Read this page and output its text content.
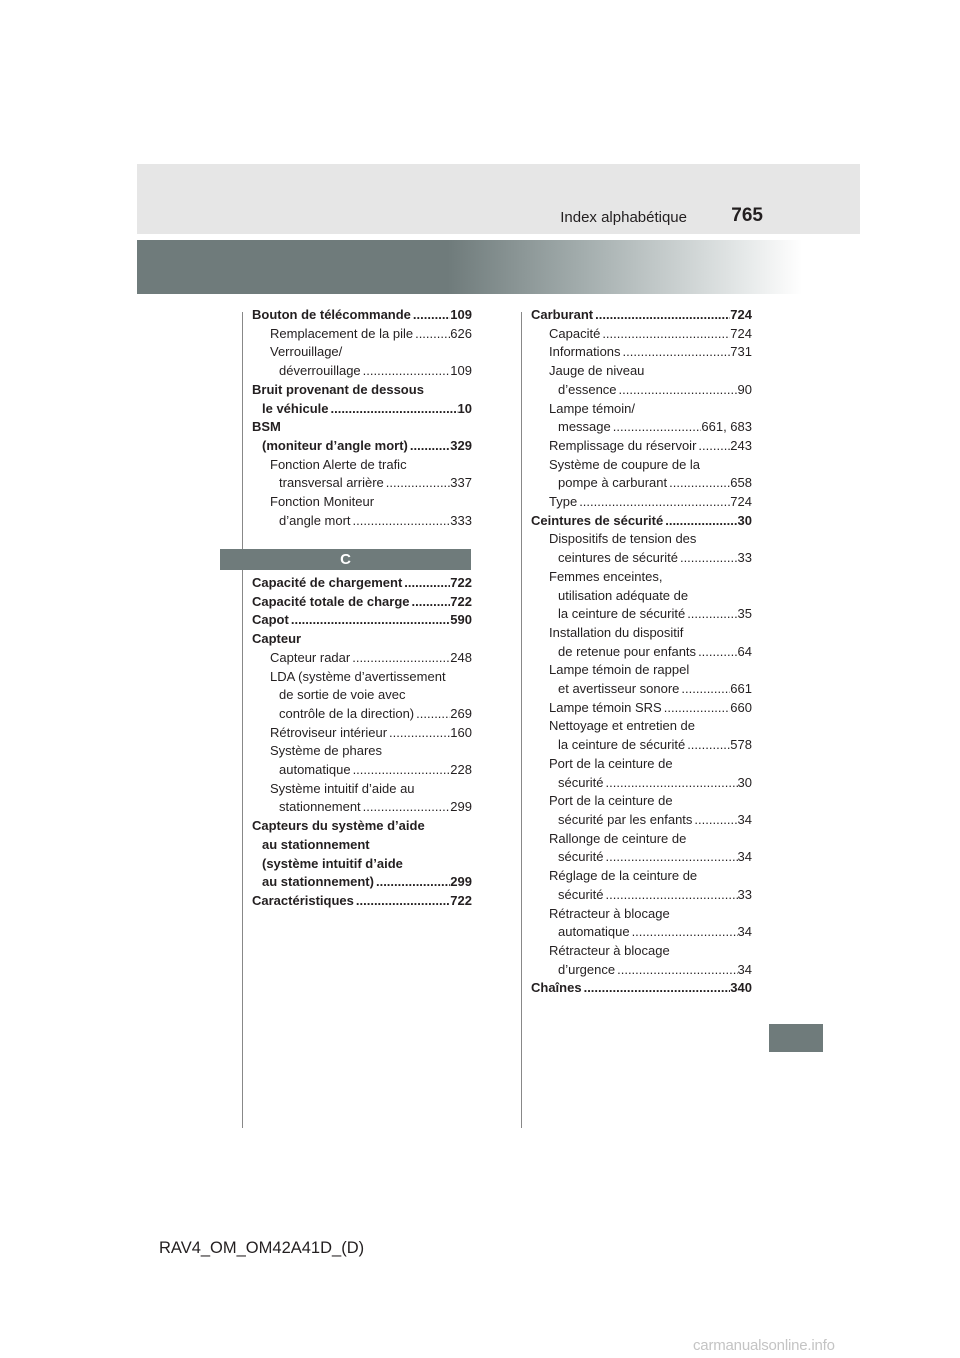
765
Index alphabétique
Bouton de télécommande .....	109
Remplacement de la pile .....	626
Verrouillage/
déverrouillage .....	109
Bruit provenant de dessous
le véhicule .....	10
BSM
(moniteur d’angle mort) .....	329
Fonction Alerte de trafic
transversal arrière .....	337
Fonction Moniteur
d’angle mort .....	333
C
Capacité de chargement .....	722
Capacité totale de charge .....	722
Capot .....	590
Capteur
Capteur radar .....	248
LDA (système d’avertissement
de sortie de voie avec
contrôle de la direction) .....	269
Rétroviseur intérieur .....	160
Système de phares
automatique .....	228
Système intuitif d’aide au
stationnement .....	299
Capteurs du système d’aide
au stationnement
(système intuitif d’aide
au stationnement) .....	299
Caractéristiques .....	722
Carburant .....	724
Capacité .....	724
Informations .....	731
Jauge de niveau
d’essence .....	90
Lampe témoin/
message .....	661, 683
Remplissage du réservoir .....	243
Système de coupure de la
pompe à carburant .....	658
Type .....	724
Ceintures de sécurité .....	30
Dispositifs de tension des
ceintures de sécurité .....	33
Femmes enceintes,
utilisation adéquate de
la ceinture de sécurité .....	35
Installation du dispositif
de retenue pour enfants .....	64
Lampe témoin de rappel
et avertisseur sonore .....	661
Lampe témoin SRS .....	660
Nettoyage et entretien de
la ceinture de sécurité .....	578
Port de la ceinture de
sécurité .....	30
Port de la ceinture de
sécurité par les enfants .....	34
Rallonge de ceinture de
sécurité .....	34
Réglage de la ceinture de
sécurité .....	33
Rétracteur à blocage
automatique .....	34
Rétracteur à blocage
d’urgence .....	34
Chaînes .....	340
RAV4_OM_OM42A41D_(D)
carmanualsonline.info
